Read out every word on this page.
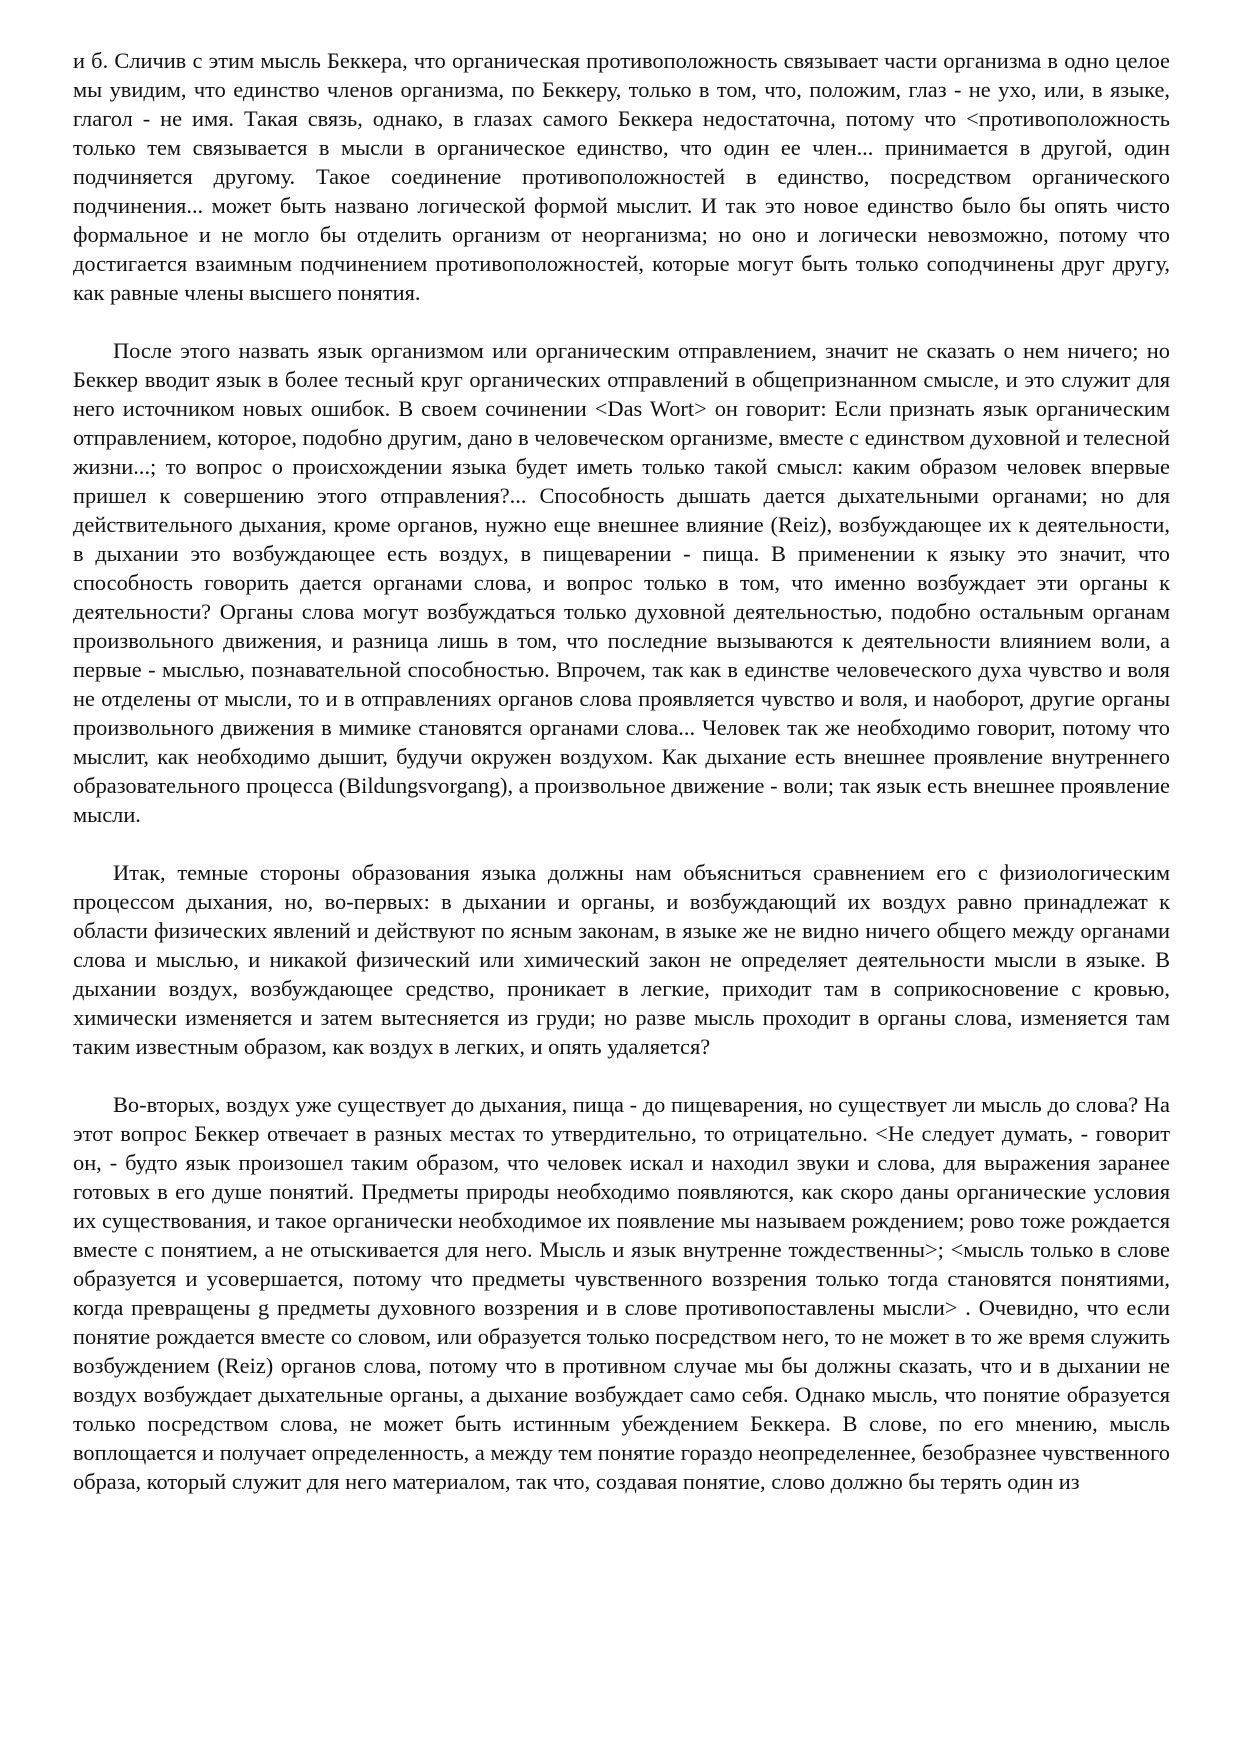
и б. Сличив с этим мысль Беккера, что органическая противоположность связывает части организма в одно целое мы увидим, что единство членов организма, по Беккеру, только в том, что, положим, глаз - не ухо, или, в языке, глагол - не имя. Такая связь, однако, в глазах самого Беккера недостаточна, потому что <противоположность только тем связывается в мысли в органическое единство, что один ее член... принимается в другой, один подчиняется другому. Такое соединение противоположностей в единство, посредством органического подчинения... может быть названо логической формой мыслит. И так это новое единство было бы опять чисто формальное и не могло бы отделить организм от неорганизма; но оно и логически невозможно, потому что достигается взаимным подчинением противоположностей, которые могут быть только соподчинены друг другу, как равные члены высшего понятия.

После этого назвать язык организмом или органическим отправлением, значит не сказать о нем ничего; но Беккер вводит язык в более тесный круг органических отправлений в общепризнанном смысле, и это служит для него источником новых ошибок. В своем сочинении <Das Wort> он говорит: Если признать язык органическим отправлением, которое, подобно другим, дано в человеческом организме, вместе с единством духовной и телесной жизни...; то вопрос о происхождении языка будет иметь только такой смысл: каким образом человек впервые пришел к совершению этого отправления?... Способность дышать дается дыхательными органами; но для действительного дыхания, кроме органов, нужно еще внешнее влияние (Reiz), возбуждающее их к деятельности, в дыхании это возбуждающее есть воздух, в пищеварении - пища. В применении к языку это значит, что способность говорить дается органами слова, и вопрос только в том, что именно возбуждает эти органы к деятельности? Органы слова могут возбуждаться только духовной деятельностью, подобно остальным органам произвольного движения, и разница лишь в том, что последние вызываются к деятельности влиянием воли, а первые - мыслью, познавательной способностью. Впрочем, так как в единстве человеческого духа чувство и воля не отделены от мысли, то и в отправлениях органов слова проявляется чувство и воля, и наоборот, другие органы произвольного движения в мимике становятся органами слова... Человек так же необходимо говорит, потому что мыслит, как необходимо дышит, будучи окружен воздухом. Как дыхание есть внешнее проявление внутреннего образовательного процесса (Bildungsvorgang), а произвольное движение - воли; так язык есть внешнее проявление мысли.

Итак, темные стороны образования языка должны нам объясниться сравнением его с физиологическим процессом дыхания, но, во-первых: в дыхании и органы, и возбуждающий их воздух равно принадлежат к области физических явлений и действуют по ясным законам, в языке же не видно ничего общего между органами слова и мыслью, и никакой физический или химический закон не определяет деятельности мысли в языке. В дыхании воздух, возбуждающее средство, проникает в легкие, приходит там в соприкосновение с кровью, химически изменяется и затем вытесняется из груди; но разве мысль проходит в органы слова, изменяется там таким известным образом, как воздух в легких, и опять удаляется?

Во-вторых, воздух уже существует до дыхания, пища - до пищеварения, но существует ли мысль до слова? На этот вопрос Беккер отвечает в разных местах то утвердительно, то отрицательно. <Не следует думать, - говорит он, - будто язык произошел таким образом, что человек искал и находил звуки и слова, для выражения заранее готовых в его душе понятий. Предметы природы необходимо появляются, как скоро даны органические условия их существования, и такое органически необходимое их появление мы называем рождением; рово тоже рождается вместе с понятием, а не отыскивается для него. Мысль и язык внутренне тождественны>; <мысль только в слове образуется и усовершается, потому что предметы чувственного воззрения только тогда становятся понятиями, когда превращены g предметы духовного воззрения и в слове противопоставлены мысли> . Очевидно, что если понятие рождается вместе со словом, или образуется только посредством него, то не может в то же время служить возбуждением (Reiz) органов слова, потому что в противном случае мы бы должны сказать, что и в дыхании не воздух возбуждает дыхательные органы, а дыхание возбуждает само себя. Однако мысль, что понятие образуется только посредством слова, не может быть истинным убеждением Беккера. В слове, по его мнению, мысль воплощается и получает определенность, а между тем понятие гораздо неопределеннее, безобразнее чувственного образа, который служит для него материалом, так что, создавая понятие, слово должно бы терять один из
